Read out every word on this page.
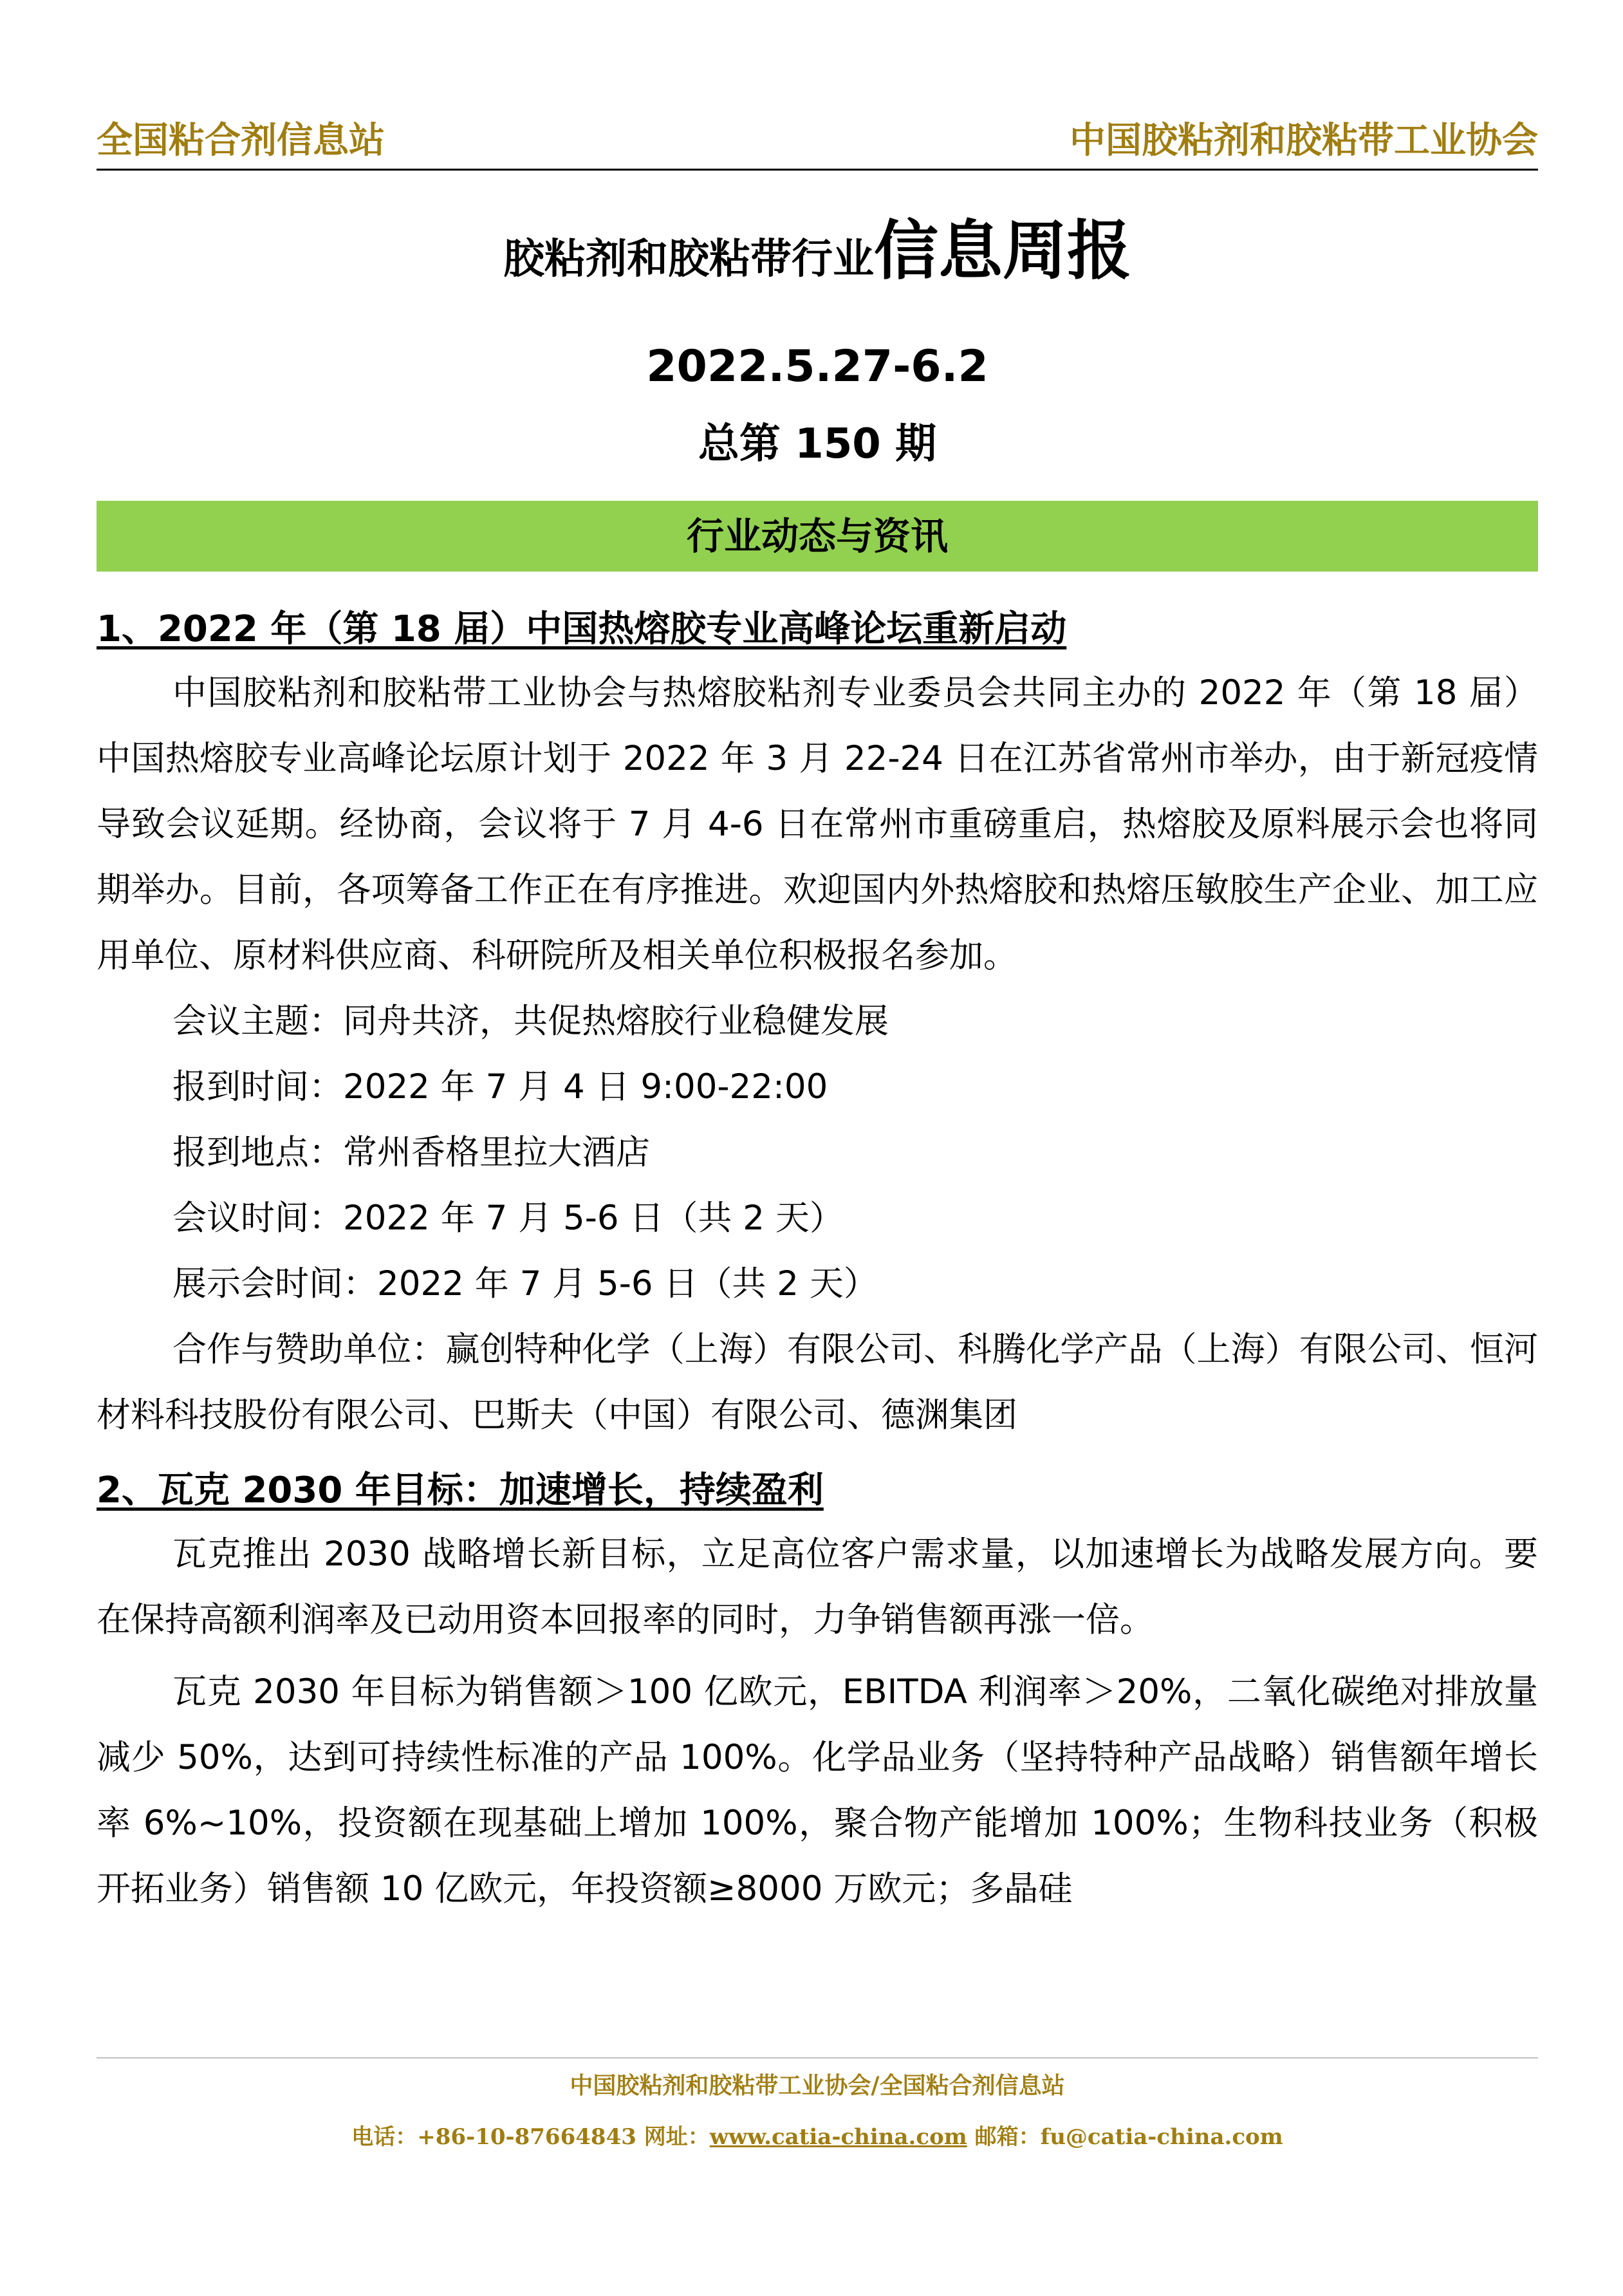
全国粘合剂信息站	中国胶粘剂和胶粘带工业协会
胶粘剂和胶粘带行业信息周报
2022.5.27-6.2
总第 150 期
行业动态与资讯

1、2022 年（第 18 届）中国热熔胶专业高峰论坛重新启动

中国胶粘剂和胶粘带工业协会与热熔胶粘剂专业委员会共同主办的 2022 年（第 18 届）中国热熔胶专业高峰论坛原计划于 2022 年 3 月 22-24 日在江苏省常州市举办，由于新冠疫情导致会议延期。经协商，会议将于 7 月 4-6 日在常州市重磅重启，热熔胶及原料展示会也将同期举办。目前，各项筹备工作正在有序推进。欢迎国内外热熔胶和热熔压敏胶生产企业、加工应用单位、原材料供应商、科研院所及相关单位积极报名参加。

会议主题：同舟共济，共促热熔胶行业稳健发展

报到时间：2022 年 7 月 4 日 9:00-22:00

报到地点：常州香格里拉大酒店

会议时间：2022 年 7 月 5-6 日（共 2 天）

展示会时间：2022 年 7 月 5-6 日（共 2 天）

合作与赞助单位：赢创特种化学（上海）有限公司、科腾化学产品（上海）有限公司、恒河材料科技股份有限公司、巴斯夫（中国）有限公司、德渊集团

2、瓦克 2030 年目标：加速增长，持续盈利

瓦克推出 2030 战略增长新目标，立足高位客户需求量，以加速增长为战略发展方向。要在保持高额利润率及已动用资本回报率的同时，力争销售额再涨一倍。

瓦克 2030 年目标为销售额＞100 亿欧元，EBITDA 利润率＞20%，二氧化碳绝对排放量减少 50%，达到可持续性标准的产品 100%。化学品业务（坚持特种产品战略）销售额年增长率 6%~10%，投资额在现基础上增加 100%，聚合物产能增加 100%；生物科技业务（积极开拓业务）销售额 10 亿欧元，年投资额≥8000 万欧元；多晶硅

中国胶粘剂和胶粘带工业协会/全国粘合剂信息站
电话：+86-10-87664843 网址：www.catia-china.com 邮箱：fu@catia-china.com
